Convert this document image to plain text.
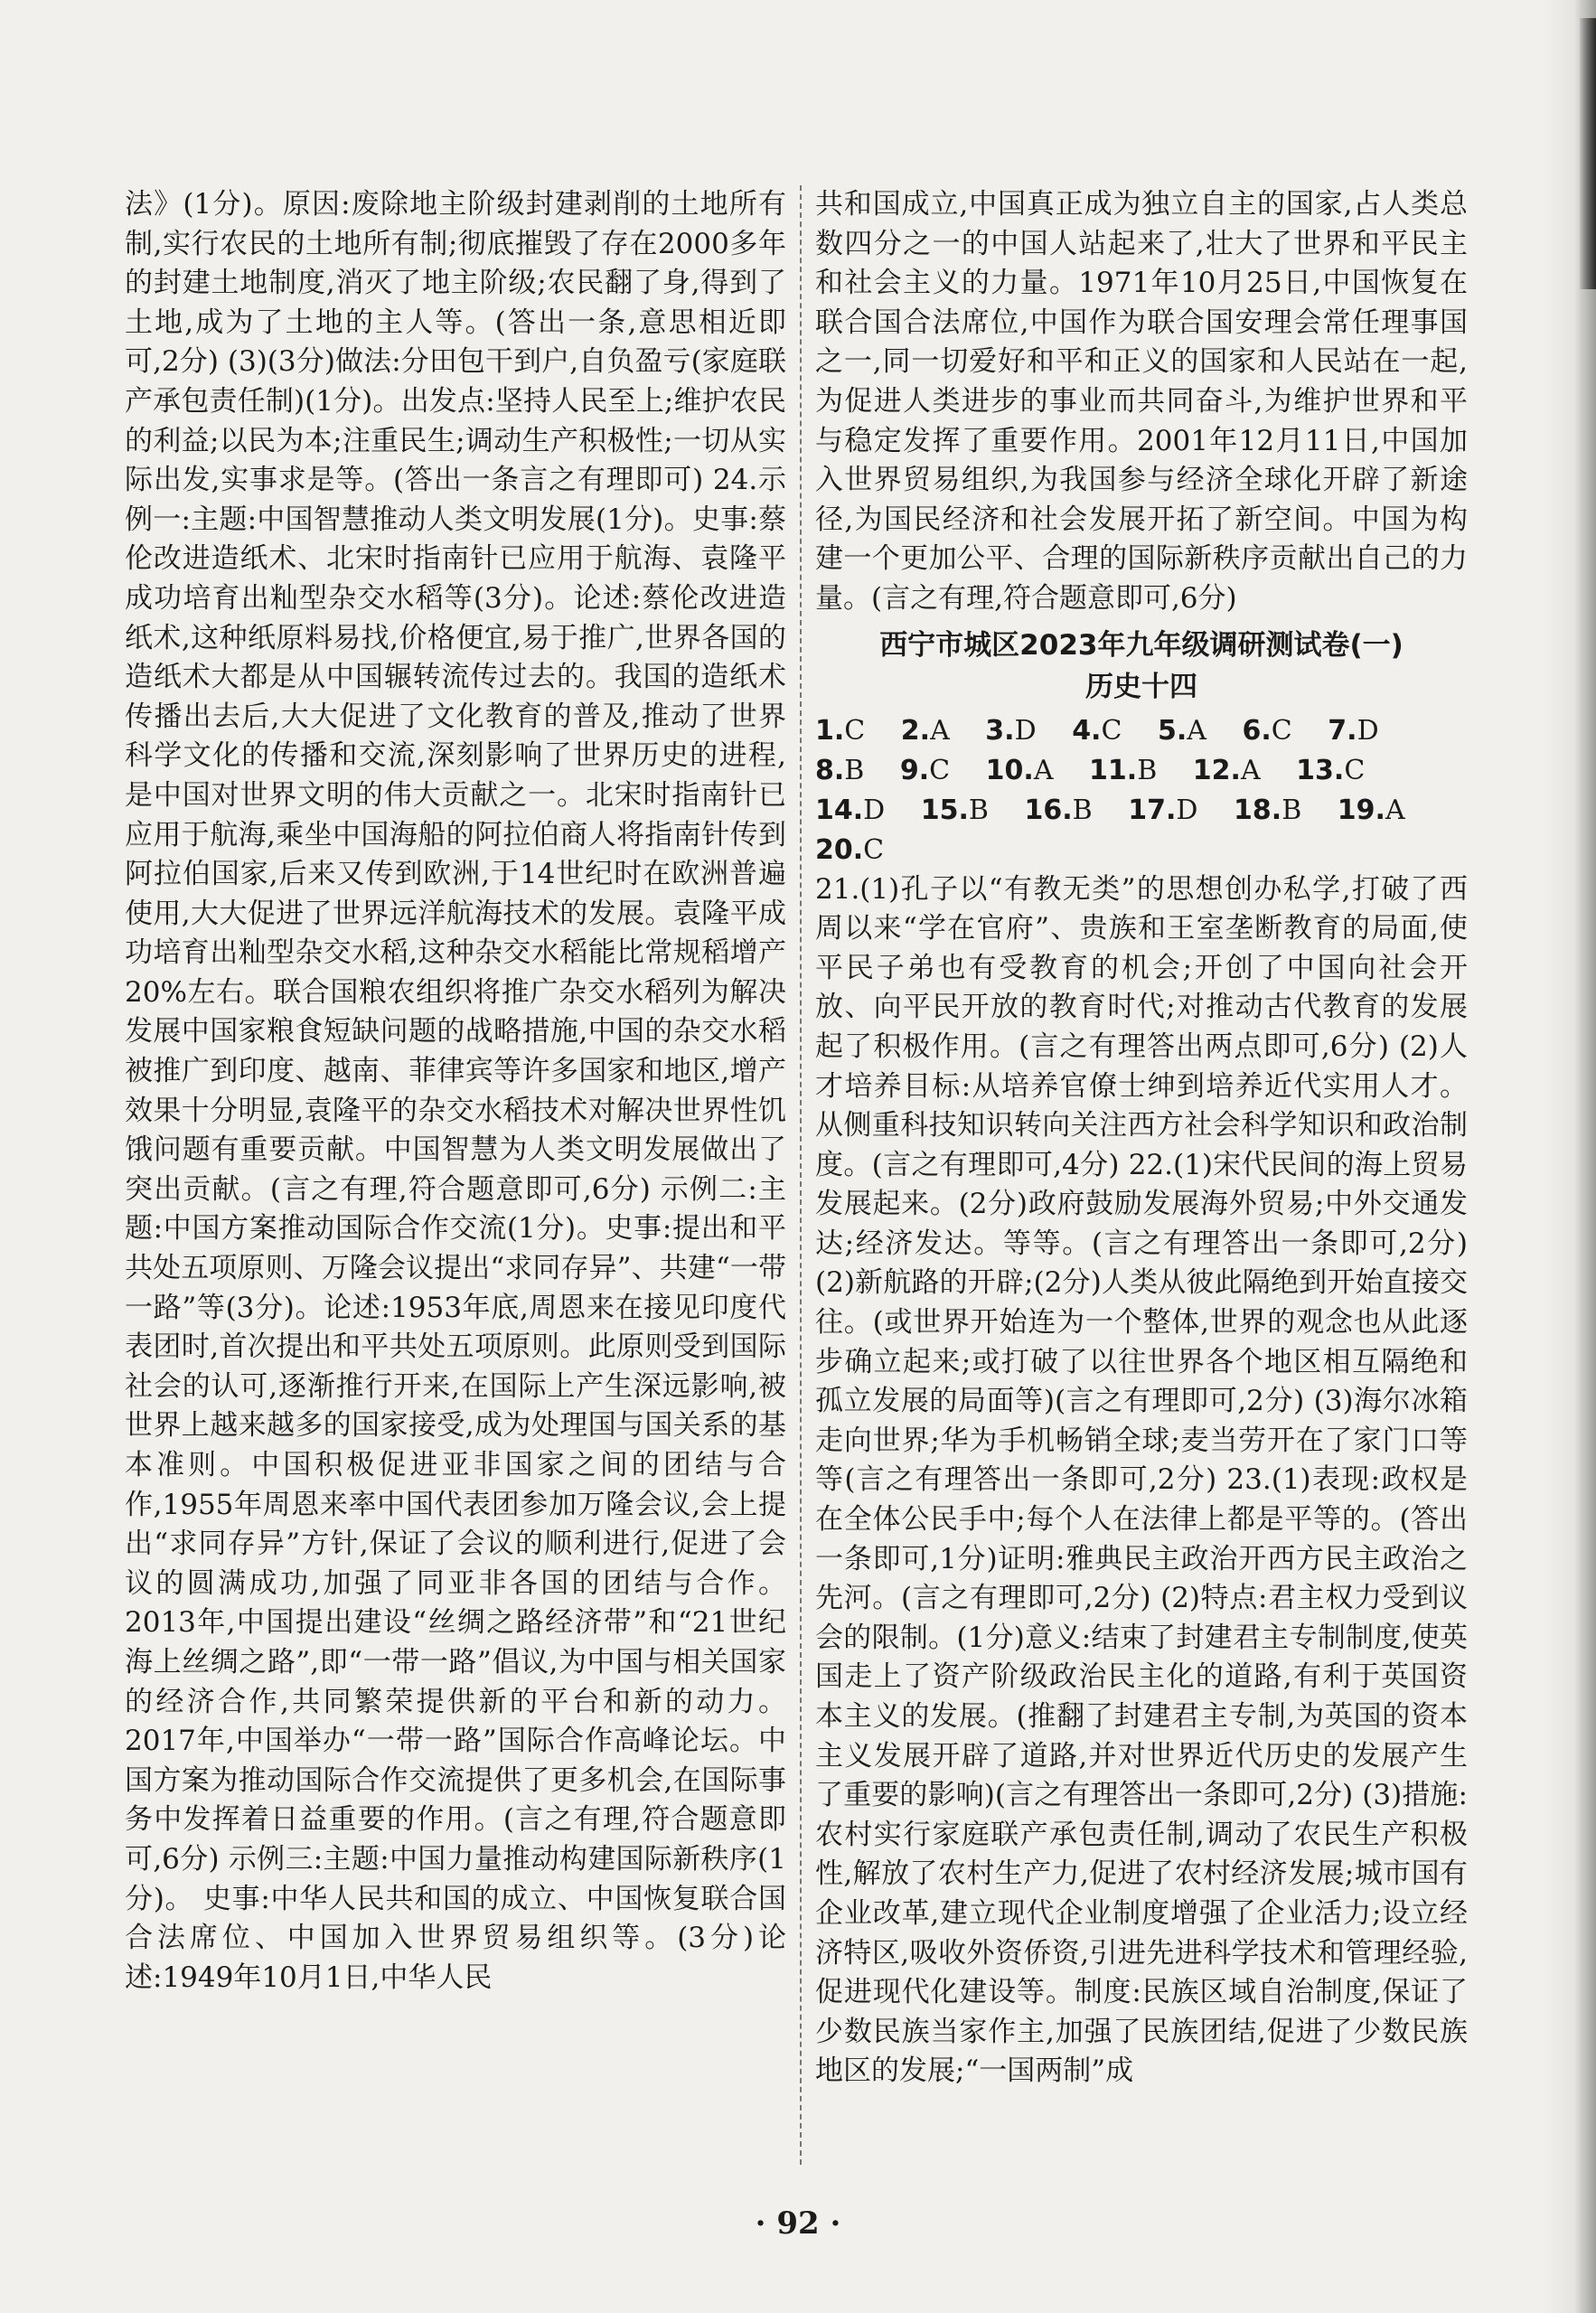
法》(1分)。原因:废除地主阶级封建剥削的土地所有制,实行农民的土地所有制;彻底摧毁了存在2000多年的封建土地制度,消灭了地主阶级;农民翻了身,得到了土地,成为了土地的主人等。(答出一条,意思相近即可,2分) (3)(3分)做法:分田包干到户,自负盈亏(家庭联产承包责任制)(1分)。出发点:坚持人民至上;维护农民的利益;以民为本;注重民生;调动生产积极性;一切从实际出发,实事求是等。(答出一条言之有理即可) 24.示例一:主题:中国智慧推动人类文明发展(1分)。史事:蔡伦改进造纸术、北宋时指南针已应用于航海、袁隆平成功培育出籼型杂交水稻等(3分)。论述:蔡伦改进造纸术,这种纸原料易找,价格便宜,易于推广,世界各国的造纸术大都是从中国辗转流传过去的。我国的造纸术传播出去后,大大促进了文化教育的普及,推动了世界科学文化的传播和交流,深刻影响了世界历史的进程,是中国对世界文明的伟大贡献之一。北宋时指南针已应用于航海,乘坐中国海船的阿拉伯商人将指南针传到阿拉伯国家,后来又传到欧洲,于14世纪时在欧洲普遍使用,大大促进了世界远洋航海技术的发展。袁隆平成功培育出籼型杂交水稻,这种杂交水稻能比常规稻增产20%左右。联合国粮农组织将推广杂交水稻列为解决发展中国家粮食短缺问题的战略措施,中国的杂交水稻被推广到印度、越南、菲律宾等许多国家和地区,增产效果十分明显,袁隆平的杂交水稻技术对解决世界性饥饿问题有重要贡献。中国智慧为人类文明发展做出了突出贡献。(言之有理,符合题意即可,6分) 示例二:主题:中国方案推动国际合作交流(1分)。史事:提出和平共处五项原则、万隆会议提出“求同存异”、共建“一带一路”等(3分)。论述:1953年底,周恩来在接见印度代表团时,首次提出和平共处五项原则。此原则受到国际社会的认可,逐渐推行开来,在国际上产生深远影响,被世界上越来越多的国家接受,成为处理国与国关系的基本准则。中国积极促进亚非国家之间的团结与合作,1955年周恩来率中国代表团参加万隆会议,会上提出“求同存异”方针,保证了会议的顺利进行,促进了会议的圆满成功,加强了同亚非各国的团结与合作。2013年,中国提出建设“丝绸之路经济带”和“21世纪海上丝绸之路”,即“一带一路”倡议,为中国与相关国家的经济合作,共同繁荣提供新的平台和新的动力。2017年,中国举办“一带一路”国际合作高峰论坛。中国方案为推动国际合作交流提供了更多机会,在国际事务中发挥着日益重要的作用。(言之有理,符合题意即可,6分) 示例三:主题:中国力量推动构建国际新秩序(1分)。 史事:中华人民共和国的成立、中国恢复联合国合法席位、中国加入世界贸易组织等。(3分)论述:1949年10月1日,中华人民

共和国成立,中国真正成为独立自主的国家,占人类总数四分之一的中国人站起来了,壮大了世界和平民主和社会主义的力量。1971年10月25日,中国恢复在联合国合法席位,中国作为联合国安理会常任理事国之一,同一切爱好和平和正义的国家和人民站在一起,为促进人类进步的事业而共同奋斗,为维护世界和平与稳定发挥了重要作用。2001年12月11日,中国加入世界贸易组织,为我国参与经济全球化开辟了新途径,为国民经济和社会发展开拓了新空间。中国为构建一个更加公平、合理的国际新秩序贡献出自己的力量。(言之有理,符合题意即可,6分)

西宁市城区2023年九年级调研测试卷(一)
历史十四
1.C 2.A 3.D 4.C 5.A 6.C 7.D 8.B 9.C 10.A 11.B 12.A 13.C 14.D 15.B 16.B 17.D 18.B 19.A 20.C

21.(1)孔子以“有教无类”的思想创办私学,打破了西周以来“学在官府”、贵族和王室垄断教育的局面,使平民子弟也有受教育的机会;开创了中国向社会开放、向平民开放的教育时代;对推动古代教育的发展起了积极作用。(言之有理答出两点即可,6分) (2)人才培养目标:从培养官僚士绅到培养近代实用人才。从侧重科技知识转向关注西方社会科学知识和政治制度。(言之有理即可,4分) 22.(1)宋代民间的海上贸易发展起来。(2分)政府鼓励发展海外贸易;中外交通发达;经济发达。等等。(言之有理答出一条即可,2分) (2)新航路的开辟;(2分)人类从彼此隔绝到开始直接交往。(或世界开始连为一个整体,世界的观念也从此逐步确立起来;或打破了以往世界各个地区相互隔绝和孤立发展的局面等)(言之有理即可,2分) (3)海尔冰箱走向世界;华为手机畅销全球;麦当劳开在了家门口等等(言之有理答出一条即可,2分) 23.(1)表现:政权是在全体公民手中;每个人在法律上都是平等的。(答出一条即可,1分)证明:雅典民主政治开西方民主政治之先河。(言之有理即可,2分) (2)特点:君主权力受到议会的限制。(1分)意义:结束了封建君主专制制度,使英国走上了资产阶级政治民主化的道路,有利于英国资本主义的发展。(推翻了封建君主专制,为英国的资本主义发展开辟了道路,并对世界近代历史的发展产生了重要的影响)(言之有理答出一条即可,2分) (3)措施:农村实行家庭联产承包责任制,调动了农民生产积极性,解放了农村生产力,促进了农村经济发展;城市国有企业改革,建立现代企业制度增强了企业活力;设立经济特区,吸收外资侨资,引进先进科学技术和管理经验,促进现代化建设等。制度:民族区域自治制度,保证了少数民族当家作主,加强了民族团结,促进了少数民族地区的发展;“一国两制”成

· 92 ·
